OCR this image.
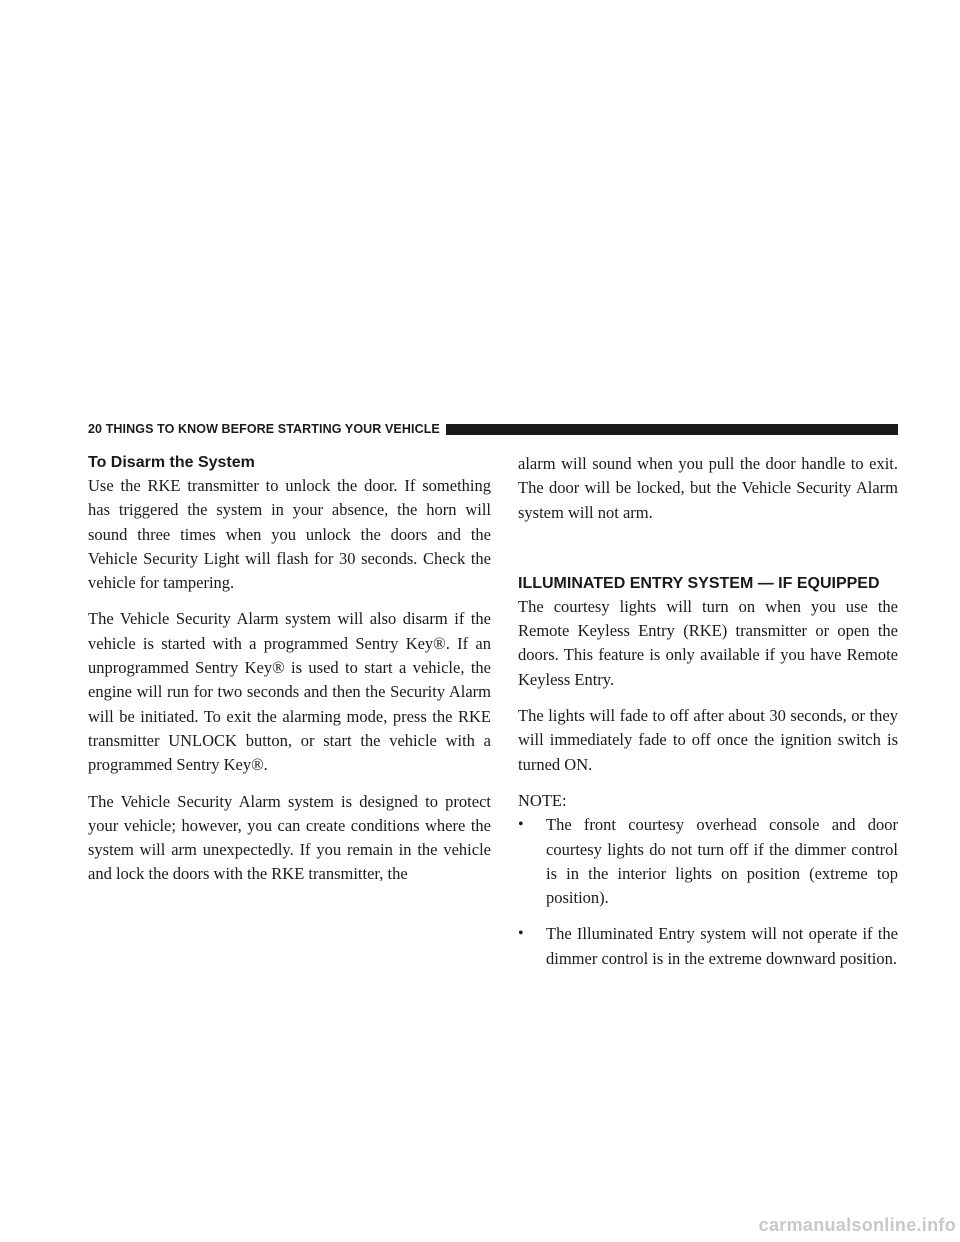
20 THINGS TO KNOW BEFORE STARTING YOUR VEHICLE
To Disarm the System

Use the RKE transmitter to unlock the door. If something has triggered the system in your absence, the horn will sound three times when you unlock the doors and the Vehicle Security Light will flash for 30 seconds. Check the vehicle for tampering.

The Vehicle Security Alarm system will also disarm if the vehicle is started with a programmed Sentry Key®. If an unprogrammed Sentry Key® is used to start a vehicle, the engine will run for two seconds and then the Security Alarm will be initiated. To exit the alarming mode, press the RKE transmitter UNLOCK button, or start the vehicle with a programmed Sentry Key®.

The Vehicle Security Alarm system is designed to protect your vehicle; however, you can create conditions where the system will arm unexpectedly. If you remain in the vehicle and lock the doors with the RKE transmitter, the

alarm will sound when you pull the door handle to exit. The door will be locked, but the Vehicle Security Alarm system will not arm.

ILLUMINATED ENTRY SYSTEM — IF EQUIPPED

The courtesy lights will turn on when you use the Remote Keyless Entry (RKE) transmitter or open the doors. This feature is only available if you have Remote Keyless Entry.

The lights will fade to off after about 30 seconds, or they will immediately fade to off once the ignition switch is turned ON.

NOTE:

•	The front courtesy overhead console and door courtesy lights do not turn off if the dimmer control is in the interior lights on position (extreme top position).
•	The Illuminated Entry system will not operate if the dimmer control is in the extreme downward position.
carmanualsonline.info
